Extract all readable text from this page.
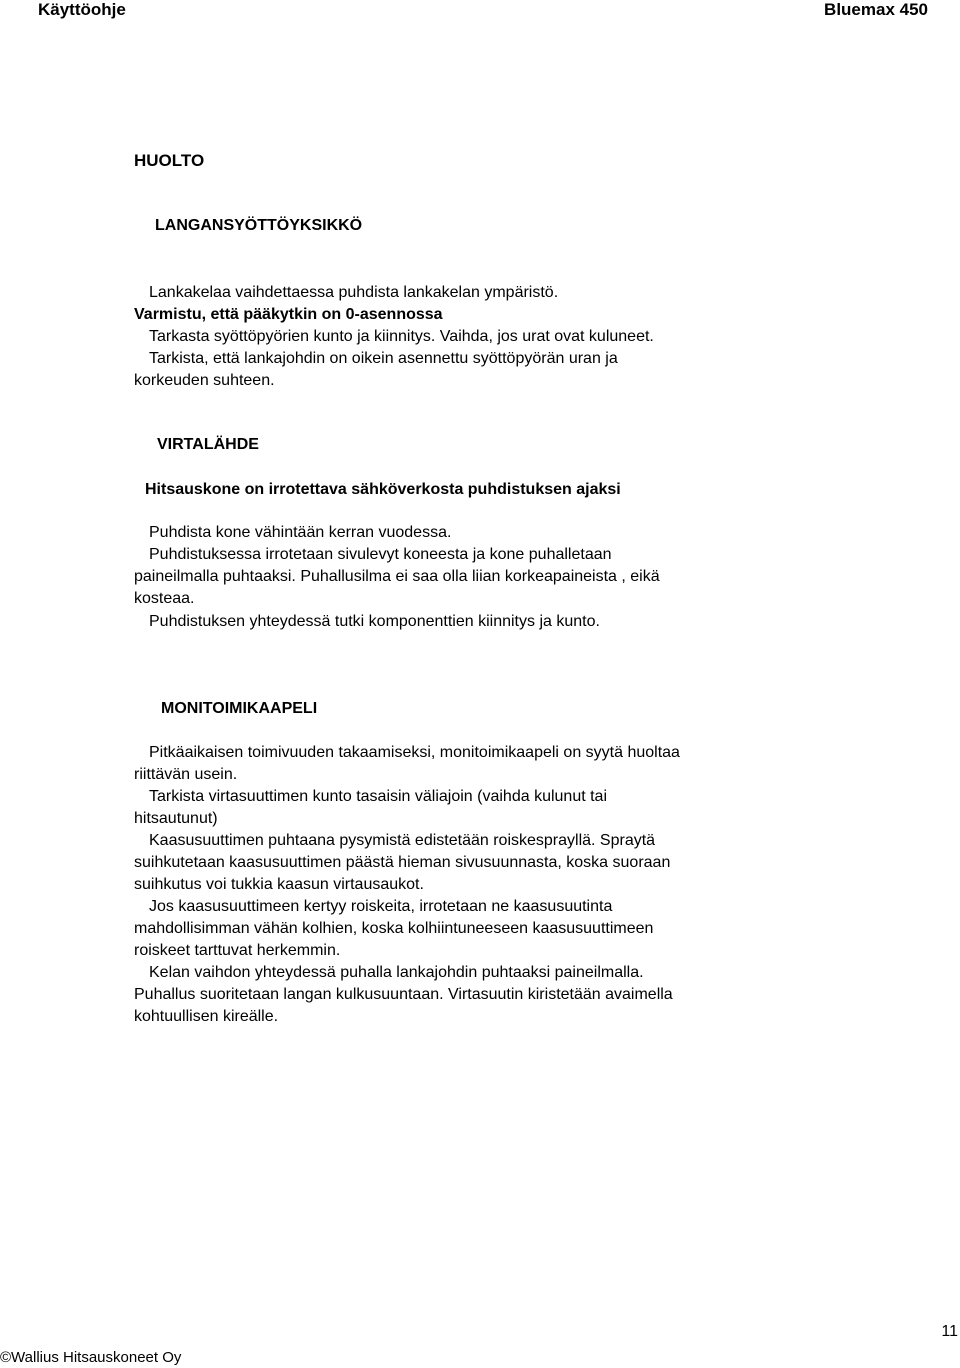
Käyttöohje	Bluemax 450
HUOLTO
LANGANSYÖTTÖYKSIKKÖ
Lankakelaa vaihdettaessa puhdista lankakelan ympäristö.
Varmistu, että pääkytkin on 0-asennossa
Tarkasta syöttöpyörien kunto ja kiinnitys. Vaihda, jos urat ovat kuluneet.
Tarkista, että lankajohdin on oikein asennettu syöttöpyörän uran ja
korkeuden suhteen.
VIRTALÄHDE
Hitsauskone on irrotettava sähköverkosta puhdistuksen ajaksi
Puhdista kone vähintään kerran vuodessa.
Puhdistuksessa irrotetaan sivulevyt koneesta ja kone puhalletaan
paineilmalla puhtaaksi. Puhallusilma ei saa olla liian korkeapaineista , eikä
kosteaa.
Puhdistuksen yhteydessä tutki komponenttien kiinnitys ja kunto.
MONITOIMIKAAPELI
Pitkäaikaisen toimivuuden takaamiseksi, monitoimikaapeli on syytä huoltaa
riittävän usein.
Tarkista virtasuuttimen kunto tasaisin väliajoin (vaihda kulunut tai
hitsautunut)
Kaasusuuttimen puhtaana pysymistä edistetään roiskesprayllä. Spraytä
suihkutetaan kaasusuuttimen päästä hieman sivusuunnasta, koska suoraan
suihkutus voi tukkia kaasun virtausaukot.
Jos kaasusuuttimeen kertyy roiskeita, irrotetaan ne kaasusuutinta
mahdollisimman vähän kolhien, koska kolhiintuneeseen kaasusuuttimeen
roiskeet tarttuvat herkemmin.
Kelan vaihdon yhteydessä puhalla lankajohdin puhtaaksi paineilmalla.
Puhallus suoritetaan langan kulkusuuntaan. Virtasuutin kiristetään avaimella
kohtuullisen kireälle.
11
©Wallius Hitsauskoneet Oy
